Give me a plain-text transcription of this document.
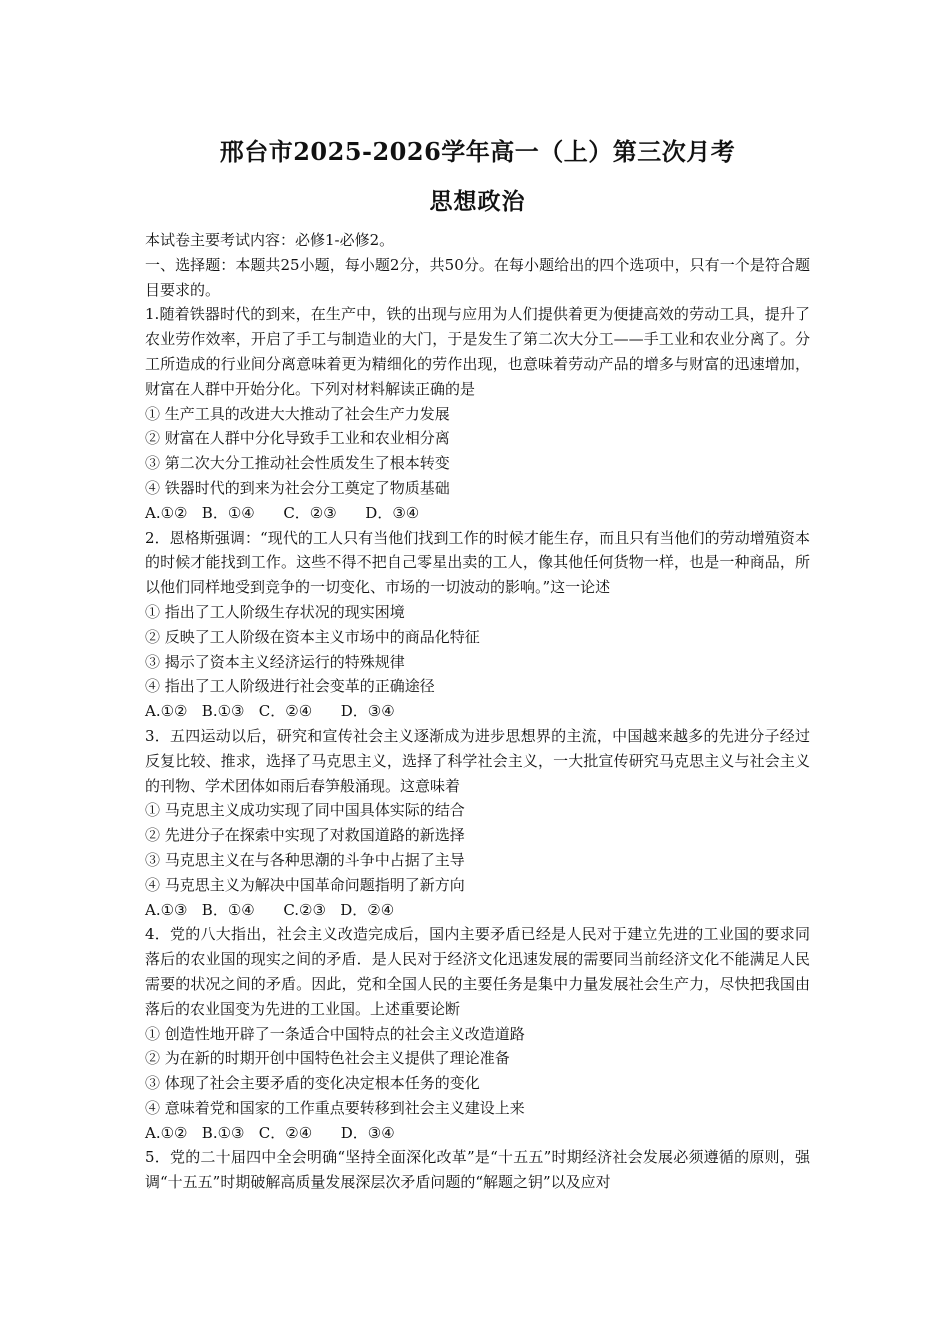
邢台市2025-2026学年高一（上）第三次月考
思想政治

本试卷主要考试内容：必修1-必修2。

一、选择题：本题共25小题，每小题2分，共50分。在每小题给出的四个选项中，只有一个是符合题目要求的。

1.随着铁器时代的到来，在生产中，铁的出现与应用为人们提供着更为便捷高效的劳动工具，提升了农业劳作效率，开启了手工与制造业的大门，于是发生了第二次大分工——手工业和农业分离了。分工所造成的行业间分离意味着更为精细化的劳作出现，也意味着劳动产品的增多与财富的迅速增加，财富在人群中开始分化。下列对材料解读正确的是

① 生产工具的改进大大推动了社会生产力发展

② 财富在人群中分化导致手工业和农业相分离

③ 第二次大分工推动社会性质发生了根本转变

④ 铁器时代的到来为社会分工奠定了物质基础

A.①②   B．①④      C．②③      D．③④

2．恩格斯强调：“现代的工人只有当他们找到工作的时候才能生存，而且只有当他们的劳动增殖资本的时候才能找到工作。这些不得不把自己零星出卖的工人，像其他任何货物一样，也是一种商品，所以他们同样地受到竞争的一切变化、市场的一切波动的影响。”这一论述

① 指出了工人阶级生存状况的现实困境

② 反映了工人阶级在资本主义市场中的商品化特征

③ 揭示了资本主义经济运行的特殊规律

④ 指出了工人阶级进行社会变革的正确途径

A.①②   B.①③   C．②④      D．③④

3．五四运动以后，研究和宣传社会主义逐渐成为进步思想界的主流，中国越来越多的先进分子经过反复比较、推求，选择了马克思主义，选择了科学社会主义，一大批宣传研究马克思主义与社会主义的刊物、学术团体如雨后春笋般涌现。这意味着

① 马克思主义成功实现了同中国具体实际的结合

② 先进分子在探索中实现了对救国道路的新选择

③ 马克思主义在与各种思潮的斗争中占据了主导

④ 马克思主义为解决中国革命问题指明了新方向

A.①③   B．①④      C.②③   D．②④

4．党的八大指出，社会主义改造完成后，国内主要矛盾已经是人民对于建立先进的工业国的要求同落后的农业国的现实之间的矛盾．是人民对于经济文化迅速发展的需要同当前经济文化不能满足人民需要的状况之间的矛盾。因此，党和全国人民的主要任务是集中力量发展社会生产力，尽快把我国由落后的农业国变为先进的工业国。上述重要论断

① 创造性地开辟了一条适合中国特点的社会主义改造道路

② 为在新的时期开创中国特色社会主义提供了理论准备

③ 体现了社会主要矛盾的变化决定根本任务的变化

④ 意味着党和国家的工作重点要转移到社会主义建设上来

A.①②   B.①③   C．②④      D．③④

5．党的二十届四中全会明确“坚持全面深化改革”是“十五五”时期经济社会发展必须遵循的原则，强调“十五五”时期破解高质量发展深层次矛盾问题的“解题之钥”以及应对
